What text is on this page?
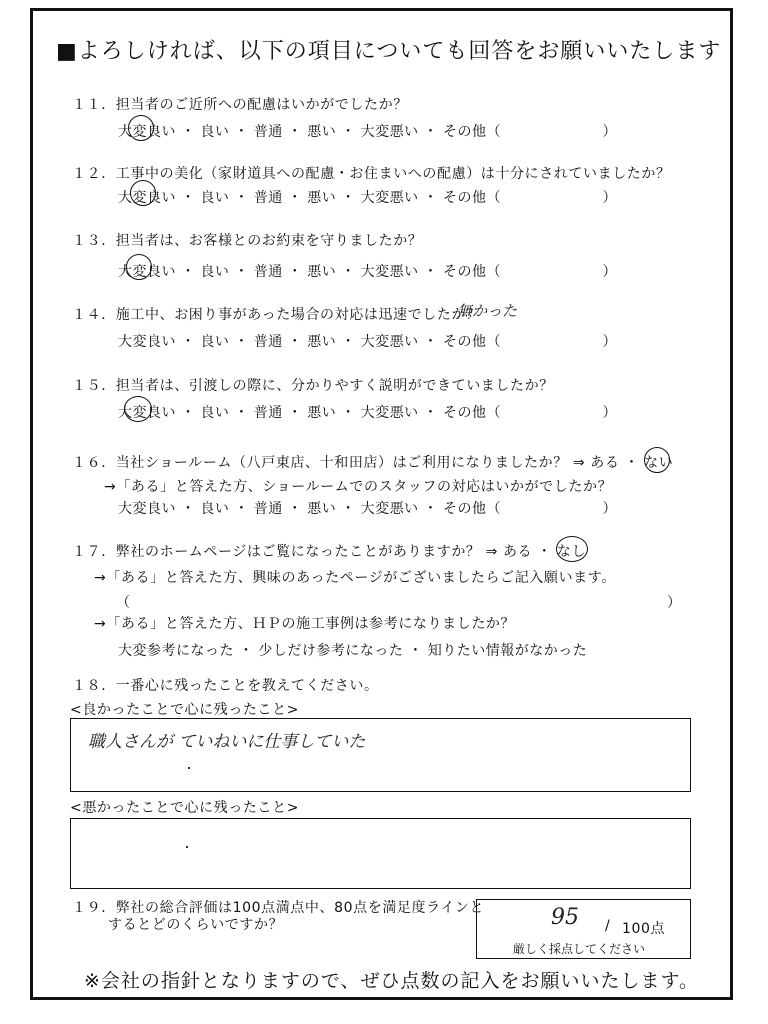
■よろしければ、以下の項目についても回答をお願いいたします
１１．担当者のご近所への配慮はいかがでしたか？
大変良い ・ 良い ・ 普通 ・ 悪い ・ 大変悪い ・ その他（　　　　　　　）
１２．工事中の美化（家財道具への配慮・お住まいへの配慮）は十分にされていましたか？
大変良い ・ 良い ・ 普通 ・ 悪い ・ 大変悪い ・ その他（　　　　　　　）
１３．担当者は、お客様とのお約束を守りましたか？
大変良い ・ 良い ・ 普通 ・ 悪い ・ 大変悪い ・ その他（　　　　　　　）
１４．施工中、お困り事があった場合の対応は迅速でしたか？
無かった
大変良い ・ 良い ・ 普通 ・ 悪い ・ 大変悪い ・ その他（　　　　　　　）
１５．担当者は、引渡しの際に、分かりやすく説明ができていましたか？
大変良い ・ 良い ・ 普通 ・ 悪い ・ 大変悪い ・ その他（　　　　　　　）
１６．当社ショールーム（八戸東店、十和田店）はご利用になりましたか？ ⇒ ある ・ ない
→「ある」と答えた方、ショールームでのスタッフの対応はいかがでしたか？
大変良い ・ 良い ・ 普通 ・ 悪い ・ 大変悪い ・ その他（　　　　　　　）
１７．弊社のホームページはご覧になったことがありますか？ ⇒ ある ・ なし
→「ある」と答えた方、興味のあったページがございましたらご記入願います。
（　　　　　　　　　　　　　　　　　　　　　　　　　　　　　　　　　　　　　）
→「ある」と答えた方、ＨＰの施工事例は参考になりましたか？
大変参考になった ・ 少しだけ参考になった ・ 知りたい情報がなかった
１８．一番心に残ったことを教えてください。
<良かったことで心に残ったこと>
職人さんが ていねいに仕事していた
<悪かったことで心に残ったこと>
１９．弊社の総合評価は100点満点中、80点を満足度ラインと
するとどのくらいですか？	95 / 100点
厳しく採点してください
※会社の指針となりますので、ぜひ点数の記入をお願いいたします。
